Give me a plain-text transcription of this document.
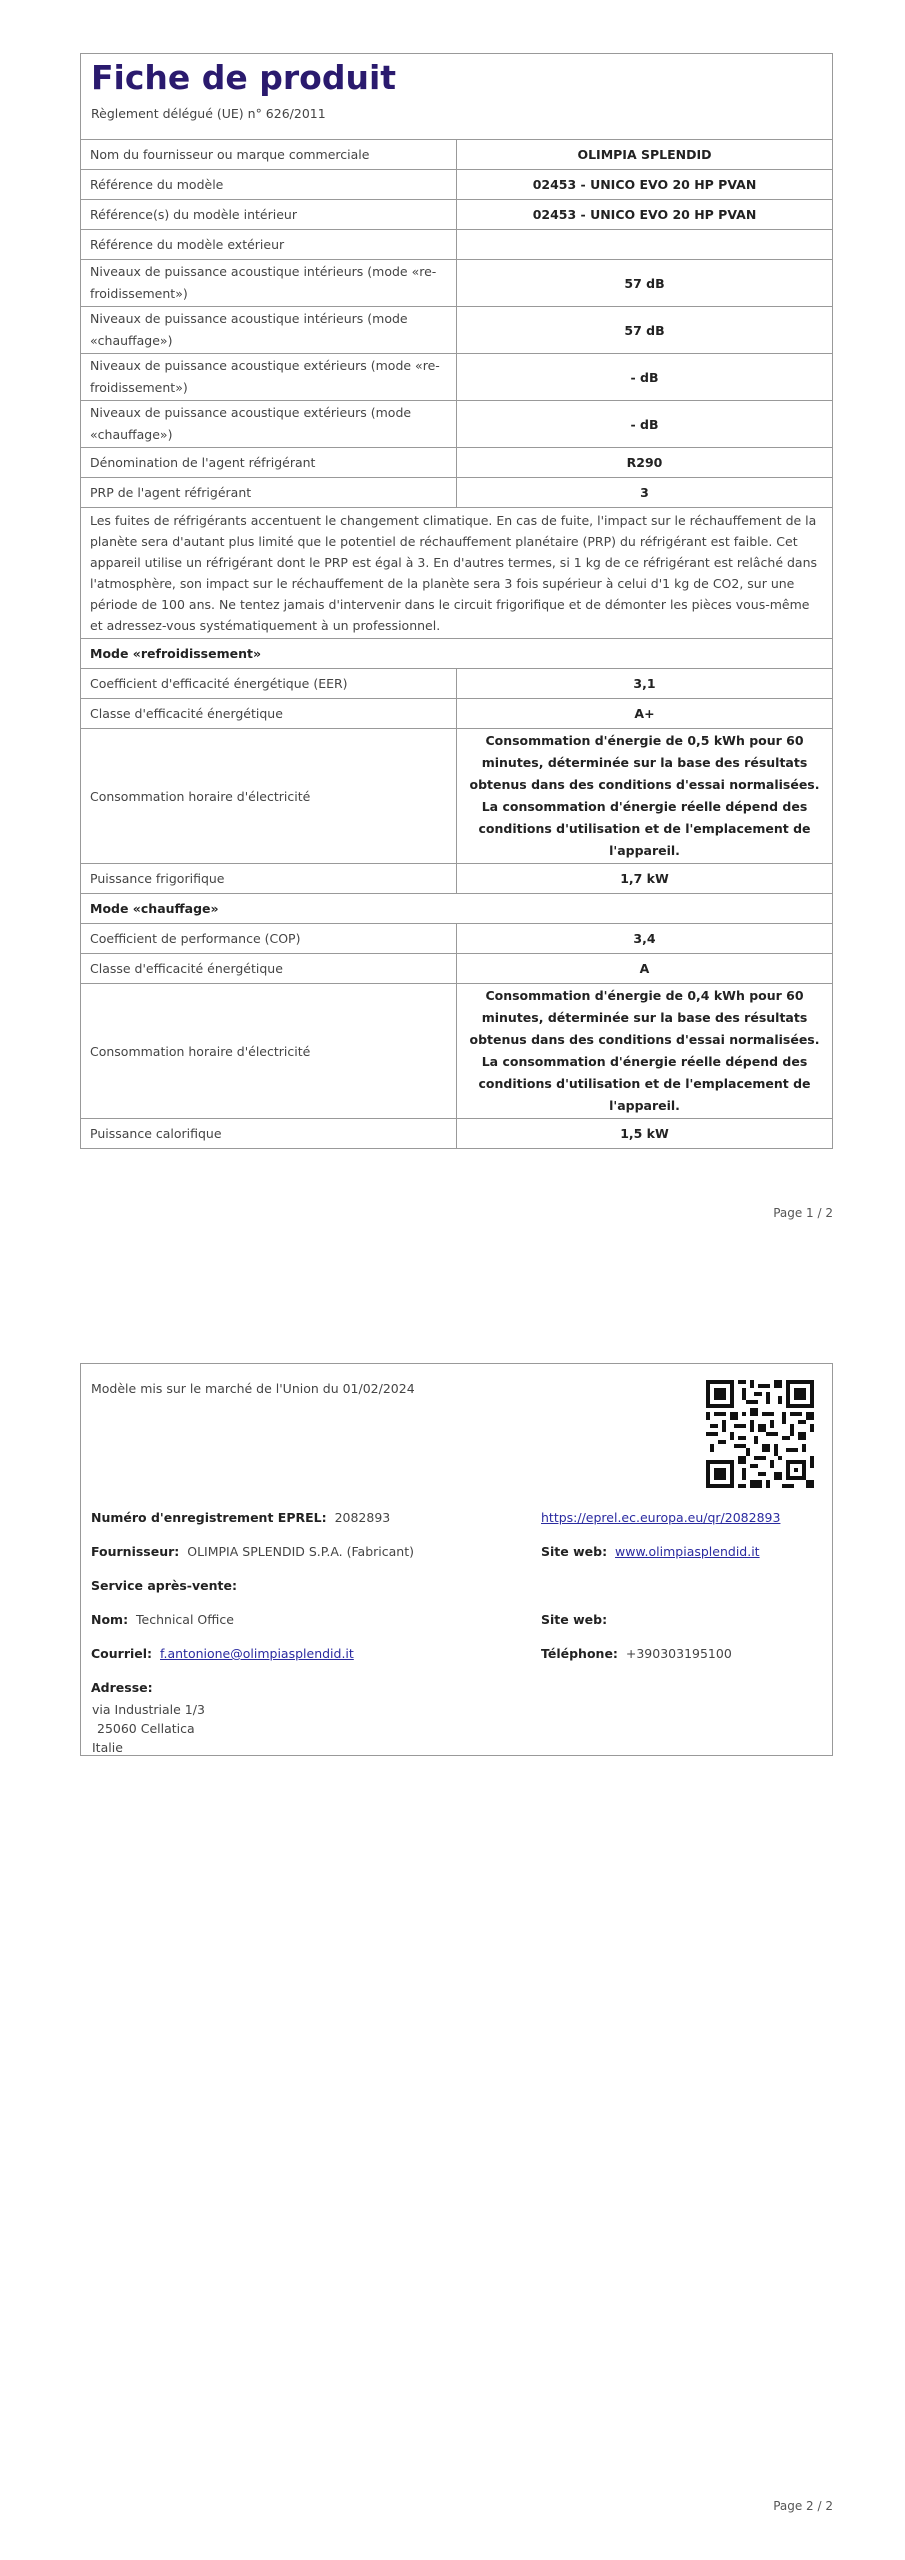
Fiche de produit
Règlement délégué (UE) n° 626/2011
Nom du fournisseur ou marque commerciale	OLIMPIA SPLENDID
Référence du modèle	02453 - UNICO EVO 20 HP PVAN
Référence(s) du modèle intérieur	02453 - UNICO EVO 20 HP PVAN
Référence du modèle extérieur	
Niveaux de puissance acoustique intérieurs (mode «re-froidissement»)	57 dB
Niveaux de puissance acoustique intérieurs (mode «chauffage»)	57 dB
Niveaux de puissance acoustique extérieurs (mode «re-froidissement»)	- dB
Niveaux de puissance acoustique extérieurs (mode «chauffage»)	- dB
Dénomination de l'agent réfrigérant	R290
PRP de l'agent réfrigérant	3
Les fuites de réfrigérants accentuent le changement climatique. En cas de fuite, l'impact sur le réchauffement de la planète sera d'autant plus limité que le potentiel de réchauffement planétaire (PRP) du réfrigérant est faible. Cet appareil utilise un réfrigérant dont le PRP est égal à 3. En d'autres termes, si 1 kg de ce réfrigérant est relâché dans l'atmosphère, son impact sur le réchauffement de la planète sera 3 fois supérieur à celui d'1 kg de CO2, sur une période de 100 ans. Ne tentez jamais d'intervenir dans le circuit frigorifique et de démonter les pièces vous-même et adressez-vous systématiquement à un professionnel.	
Mode «refroidissement»	
Coefficient d'efficacité énergétique (EER)	3,1
Classe d'efficacité énergétique	A+
Consommation horaire d'électricité	Consommation d'énergie de 0,5 kWh pour 60 minutes, déterminée sur la base des résultats obtenus dans des conditions d'essai normalisées. La consommation d'énergie réelle dépend des conditions d'utilisation et de l'emplacement de l'appareil.
Puissance frigorifique	1,7 kW
Mode «chauffage»	
Coefficient de performance (COP)	3,4
Classe d'efficacité énergétique	A
Consommation horaire d'électricité	Consommation d'énergie de 0,4 kWh pour 60 minutes, déterminée sur la base des résultats obtenus dans des conditions d'essai normalisées. La consommation d'énergie réelle dépend des conditions d'utilisation et de l'emplacement de l'appareil.
Puissance calorifique	1,5 kW
Page 1 / 2
Modèle mis sur le marché de l'Union du 01/02/2024
Numéro d'enregistrement EPREL: 2082893	https://eprel.ec.europa.eu/qr/2082893
Fournisseur: OLIMPIA SPLENDID S.P.A. (Fabricant)	Site web: www.olimpiasplendid.it
Service après-vente:
Nom: Technical Office	Site web:
Courriel: f.antonione@olimpiasplendid.it	Téléphone: +390303195100
Adresse:
via Industriale 1/3
25060 Cellatica
Italie
Page 2 / 2
